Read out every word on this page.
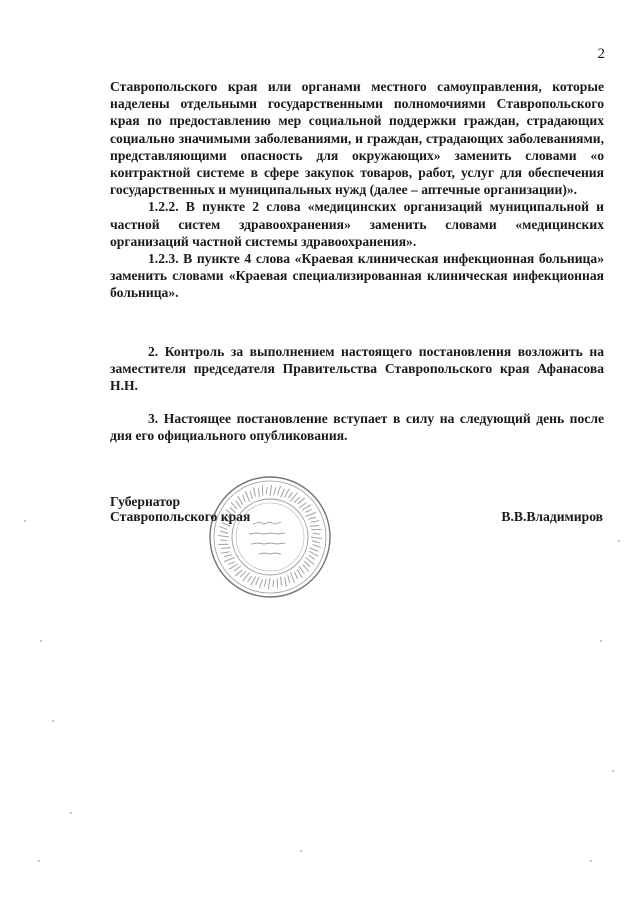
2

Ставропольского края или органами местного самоуправления, которые наделены отдельными государственными полномочиями Ставропольского края по предоставлению мер социальной поддержки граждан, страдающих социально значимыми заболеваниями, и граждан, страдающих заболеваниями, представляющими опасность для окружающих» заменить словами «о контрактной системе в сфере закупок товаров, работ, услуг для обеспечения государственных и муниципальных нужд (далее – аптечные организации)».

1.2.2. В пункте 2 слова «медицинских организаций муниципальной и частной систем здравоохранения» заменить словами «медицинских организаций частной системы здравоохранения».

1.2.3. В пункте 4 слова «Краевая клиническая инфекционная больница» заменить словами «Краевая специализированная клиническая инфекционная больница».

2. Контроль за выполнением настоящего постановления возложить на заместителя председателя Правительства Ставропольского края Афанасова Н.Н.

3. Настоящее постановление вступает в силу на следующий день после дня его официального опубликования.

Губернатор
Ставропольского края	В.В.Владимиров
